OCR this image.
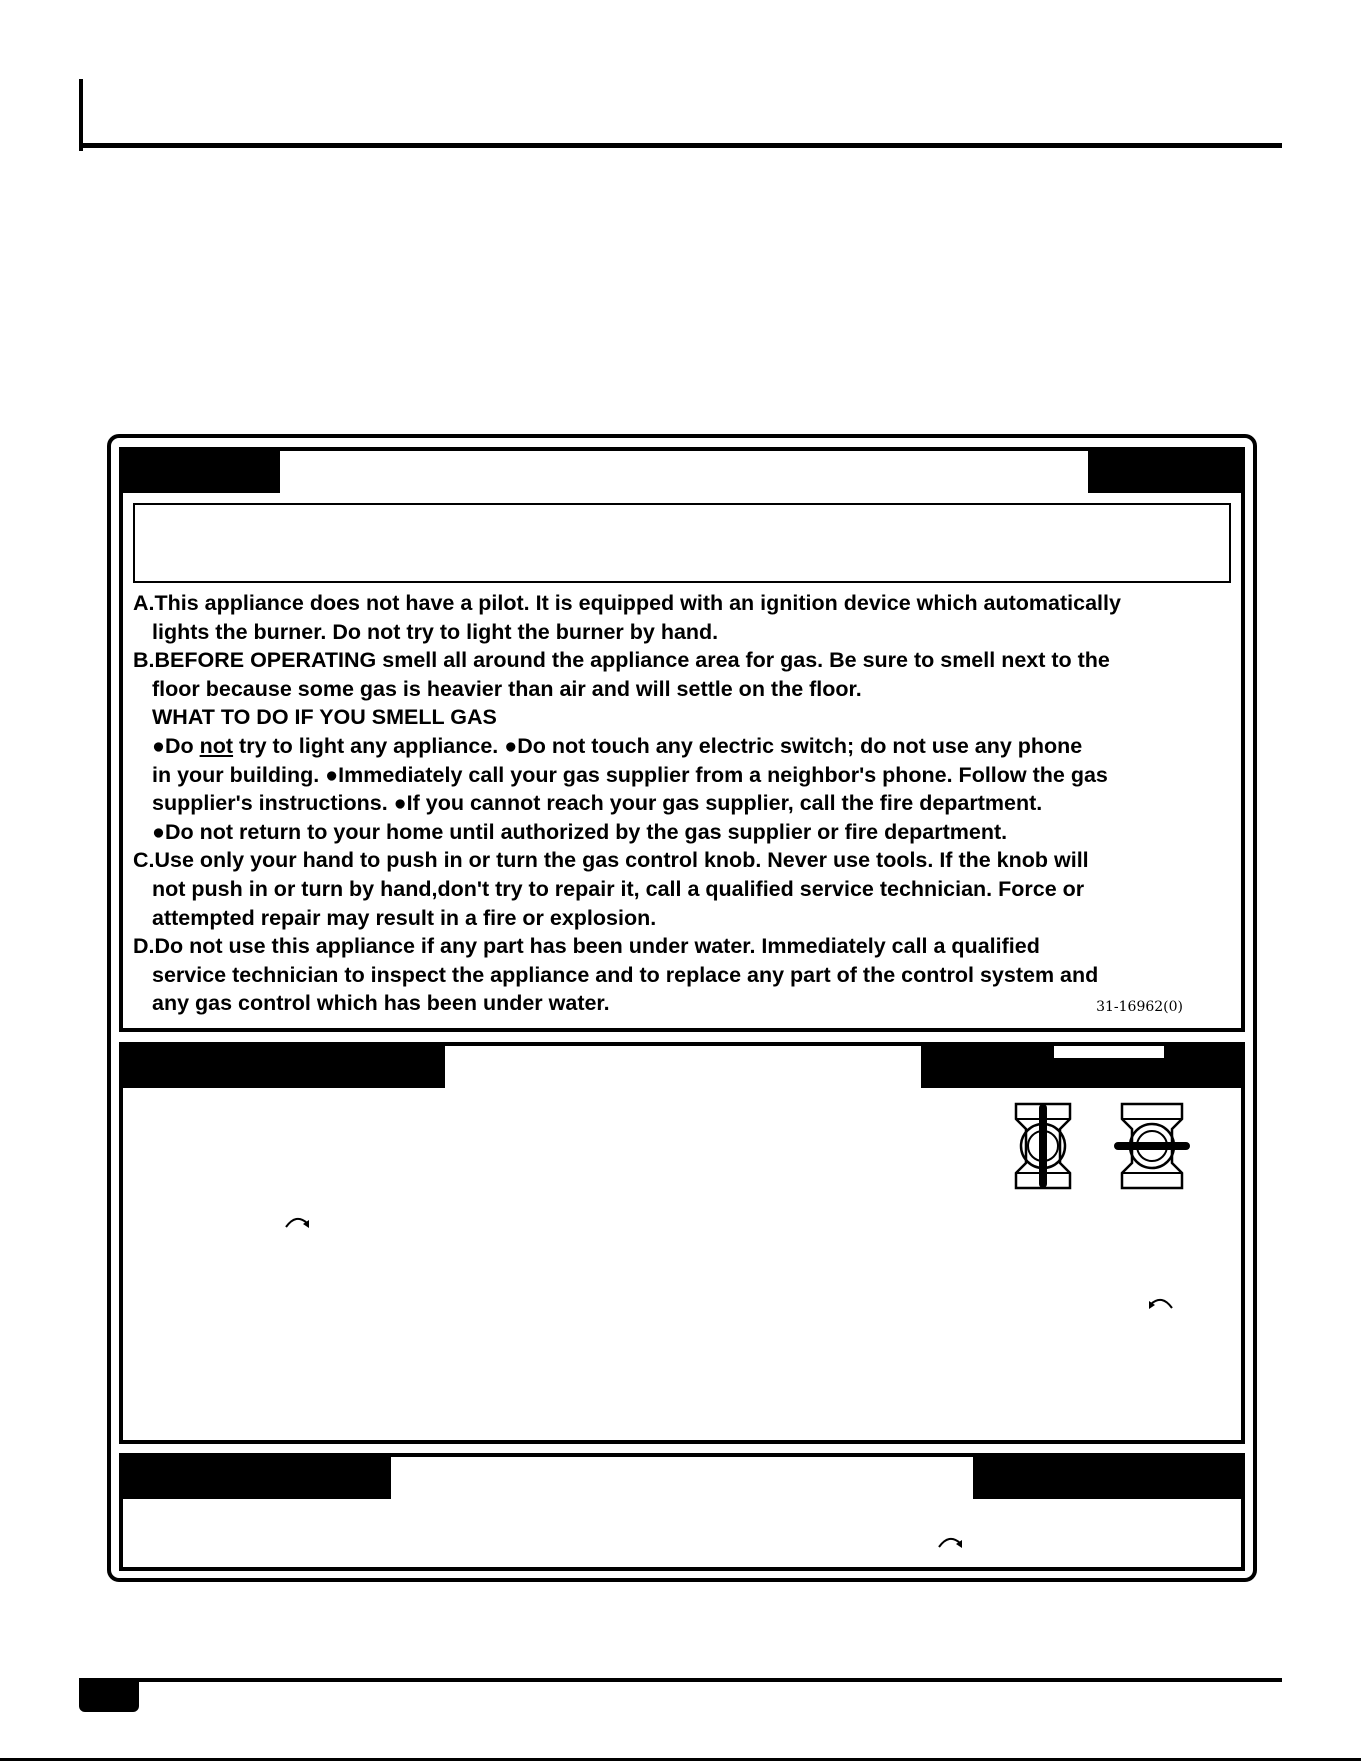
A.This appliance does not have a pilot. It is equipped with an ignition device which automatically
lights the burner. Do not try to light the burner by hand.
B.BEFORE OPERATING smell all around the appliance area for gas. Be sure to smell next to the
floor because some gas is heavier than air and will settle on the floor.
WHAT TO DO IF YOU SMELL GAS
●Do not try to light any appliance. ●Do not touch any electric switch; do not use any phone
in your building. ●Immediately call your gas supplier from a neighbor's phone. Follow the gas
supplier's instructions. ●If you cannot reach your gas supplier, call the fire department.
●Do not return to your home until authorized by the gas supplier or fire department.
C.Use only your hand to push in or turn the gas control knob. Never use tools. If the knob will
not push in or turn by hand,don't try to repair it, call a qualified service technician. Force or
attempted repair may result in a fire or explosion.
D.Do not use this appliance if any part has been under water. Immediately call a qualified
service technician to inspect the appliance and to replace any part of the control system and
any gas control which has been under water.	31-16962(0)
